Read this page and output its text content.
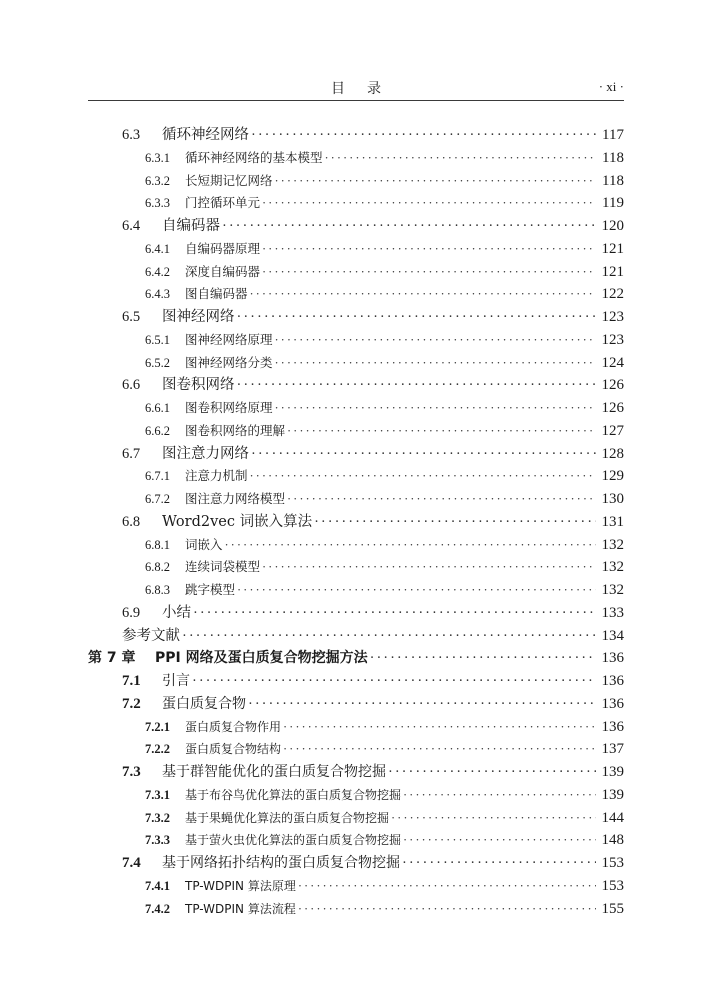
目录	· xi ·
6.3	循环神经网络 ·····	117
6.3.1	循环神经网络的基本模型 ·····	118
6.3.2	长短期记忆网络 ·····	118
6.3.3	门控循环单元 ·····	119
6.4	自编码器 ·····	120
6.4.1	自编码器原理 ·····	121
6.4.2	深度自编码器 ·····	121
6.4.3	图自编码器 ·····	122
6.5	图神经网络 ·····	123
6.5.1	图神经网络原理 ·····	123
6.5.2	图神经网络分类 ·····	124
6.6	图卷积网络 ·····	126
6.6.1	图卷积网络原理 ·····	126
6.6.2	图卷积网络的理解 ·····	127
6.7	图注意力网络 ·····	128
6.7.1	注意力机制 ·····	129
6.7.2	图注意力网络模型 ·····	130
6.8	Word2vec 词嵌入算法 ·····	131
6.8.1	词嵌入 ·····	132
6.8.2	连续词袋模型 ·····	132
6.8.3	跳字模型 ·····	132
6.9	小结 ·····	133
参考文献 ·····	134
第 7 章	PPI 网络及蛋白质复合物挖掘方法 ·····	136
7.1	引言 ·····	136
7.2	蛋白质复合物 ·····	136
7.2.1	蛋白质复合物作用 ·····	136
7.2.2	蛋白质复合物结构 ·····	137
7.3	基于群智能优化的蛋白质复合物挖掘 ·····	139
7.3.1	基于布谷鸟优化算法的蛋白质复合物挖掘 ·····	139
7.3.2	基于果蝇优化算法的蛋白质复合物挖掘 ·····	144
7.3.3	基于萤火虫优化算法的蛋白质复合物挖掘 ·····	148
7.4	基于网络拓扑结构的蛋白质复合物挖掘 ·····	153
7.4.1	TP-WDPIN 算法原理 ·····	153
7.4.2	TP-WDPIN 算法流程 ·····	155
